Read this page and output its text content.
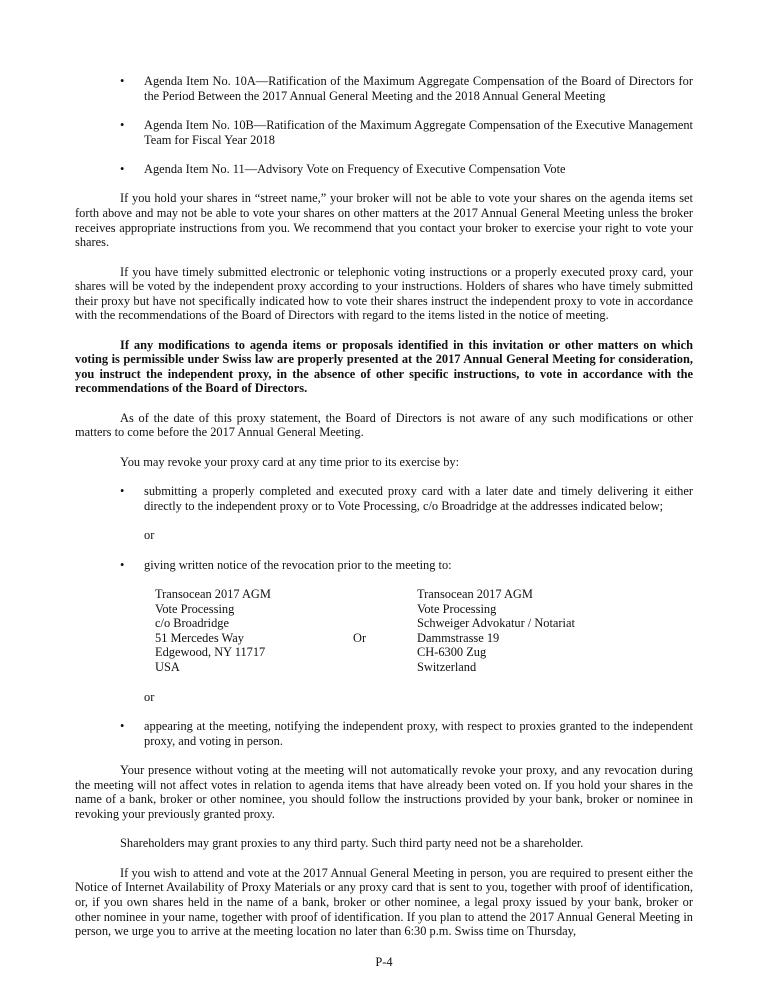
• Agenda Item No. 10A—Ratification of the Maximum Aggregate Compensation of the Board of Directors for the Period Between the 2017 Annual General Meeting and the 2018 Annual General Meeting
• Agenda Item No. 10B—Ratification of the Maximum Aggregate Compensation of the Executive Management Team for Fiscal Year 2018
• Agenda Item No. 11—Advisory Vote on Frequency of Executive Compensation Vote

If you hold your shares in “street name,” your broker will not be able to vote your shares on the agenda items set forth above and may not be able to vote your shares on other matters at the 2017 Annual General Meeting unless the broker receives appropriate instructions from you. We recommend that you contact your broker to exercise your right to vote your shares.

If you have timely submitted electronic or telephonic voting instructions or a properly executed proxy card, your shares will be voted by the independent proxy according to your instructions. Holders of shares who have timely submitted their proxy but have not specifically indicated how to vote their shares instruct the independent proxy to vote in accordance with the recommendations of the Board of Directors with regard to the items listed in the notice of meeting.

If any modifications to agenda items or proposals identified in this invitation or other matters on which voting is permissible under Swiss law are properly presented at the 2017 Annual General Meeting for consideration, you instruct the independent proxy, in the absence of other specific instructions, to vote in accordance with the recommendations of the Board of Directors.

As of the date of this proxy statement, the Board of Directors is not aware of any such modifications or other matters to come before the 2017 Annual General Meeting.

You may revoke your proxy card at any time prior to its exercise by:

• submitting a properly completed and executed proxy card with a later date and timely delivering it either directly to the independent proxy or to Vote Processing, c/o Broadridge at the addresses indicated below;
or
• giving written notice of the revocation prior to the meeting to:
Transocean 2017 AGM
Vote Processing
c/o Broadridge
51 Mercedes Way
Edgewood, NY 11717
USA
Or
Transocean 2017 AGM
Vote Processing
Schweiger Advokatur / Notariat
Dammstrasse 19
CH-6300 Zug
Switzerland
or
• appearing at the meeting, notifying the independent proxy, with respect to proxies granted to the independent proxy, and voting in person.

Your presence without voting at the meeting will not automatically revoke your proxy, and any revocation during the meeting will not affect votes in relation to agenda items that have already been voted on. If you hold your shares in the name of a bank, broker or other nominee, you should follow the instructions provided by your bank, broker or nominee in revoking your previously granted proxy.

Shareholders may grant proxies to any third party. Such third party need not be a shareholder.

If you wish to attend and vote at the 2017 Annual General Meeting in person, you are required to present either the Notice of Internet Availability of Proxy Materials or any proxy card that is sent to you, together with proof of identification, or, if you own shares held in the name of a bank, broker or other nominee, a legal proxy issued by your bank, broker or other nominee in your name, together with proof of identification. If you plan to attend the 2017 Annual General Meeting in person, we urge you to arrive at the meeting location no later than 6:30 p.m. Swiss time on Thursday,

P-4
